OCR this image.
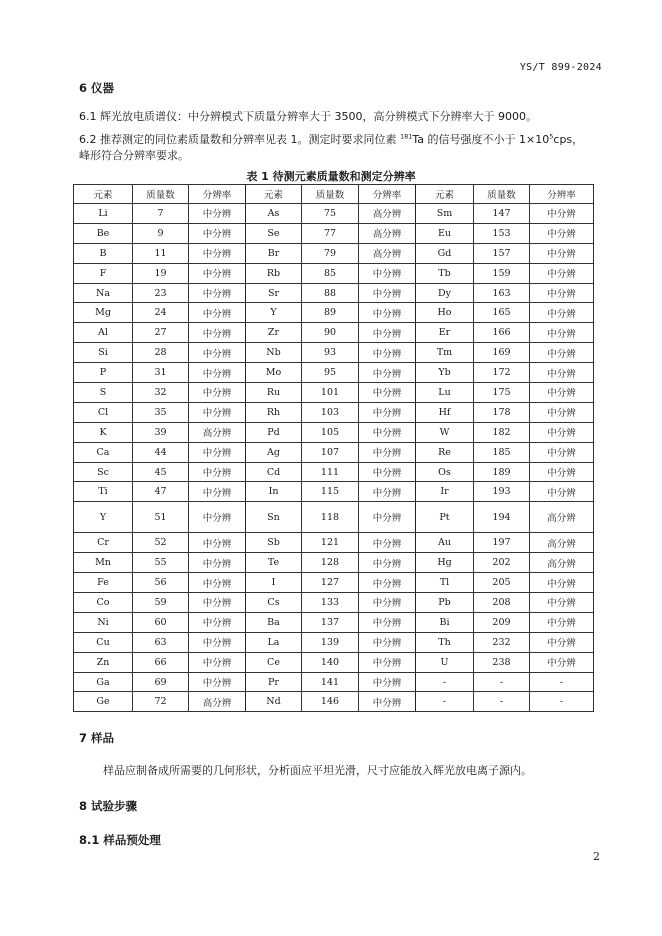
YS/T 899-2024
6 仪器
6.1 辉光放电质谱仪：中分辨模式下质量分辨率大于 3500，高分辨模式下分辨率大于 9000。
6.2 推荐测定的同位素质量数和分辨率见表 1。测定时要求同位素 $^{181}$Ta 的信号强度不小于 $1\times 10^5cps$，
峰形符合分辨率要求。
表 1 待测元素质量数和测定分辨率
元素	质量数	分辨率	元素	质量数	分辨率	元素	质量数	分辨率
Li	7	中分辨	As	75	高分辨	Sm	147	中分辨
Be	9	中分辨	Se	77	高分辨	Eu	153	中分辨
B	11	中分辨	Br	79	高分辨	Gd	157	中分辨
F	19	中分辨	Rb	85	中分辨	Tb	159	中分辨
Na	23	中分辨	Sr	88	中分辨	Dy	163	中分辨
Mg	24	中分辨	Y	89	中分辨	Ho	165	中分辨
Al	27	中分辨	Zr	90	中分辨	Er	166	中分辨
Si	28	中分辨	Nb	93	中分辨	Tm	169	中分辨
P	31	中分辨	Mo	95	中分辨	Yb	172	中分辨
S	32	中分辨	Ru	101	中分辨	Lu	175	中分辨
Cl	35	中分辨	Rh	103	中分辨	Hf	178	中分辨
K	39	高分辨	Pd	105	中分辨	W	182	中分辨
Ca	44	中分辨	Ag	107	中分辨	Re	185	中分辨
Sc	45	中分辨	Cd	111	中分辨	Os	189	中分辨
Ti	47	中分辨	In	115	中分辨	Ir	193	中分辨
Y	51	中分辨	Sn	118	中分辨	Pt	194	高分辨
Cr	52	中分辨	Sb	121	中分辨	Au	197	高分辨
Mn	55	中分辨	Te	128	中分辨	Hg	202	高分辨
Fe	56	中分辨	I	127	中分辨	Tl	205	中分辨
Co	59	中分辨	Cs	133	中分辨	Pb	208	中分辨
Ni	60	中分辨	Ba	137	中分辨	Bi	209	中分辨
Cu	63	中分辨	La	139	中分辨	Th	232	中分辨
Zn	66	中分辨	Ce	140	中分辨	U	238	中分辨
Ga	69	中分辨	Pr	141	中分辨	-	-	-
Ge	72	高分辨	Nd	146	中分辨	-	-	-
7 样品
样品应制备成所需要的几何形状，分析面应平坦光滑，尺寸应能放入辉光放电离子源内。
8 试验步骤
8.1 样品预处理
2
